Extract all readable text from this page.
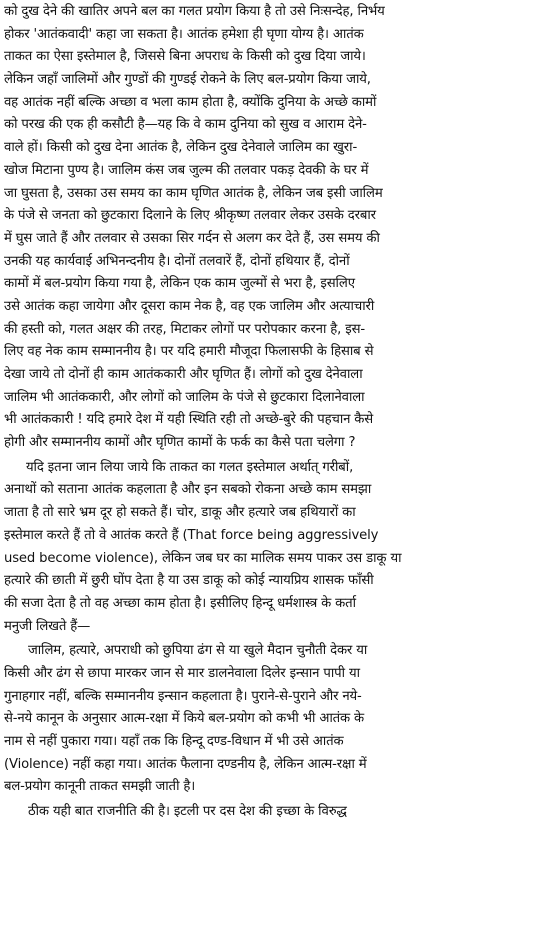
को दुख देने की खातिर अपने बल का गलत प्रयोग किया है तो उसे निःसन्देह, निर्भय
होकर 'आतंकवादी' कहा जा सकता है। आतंक हमेशा ही घृणा योग्य है। आतंक
ताकत का ऐसा इस्तेमाल है, जिससे बिना अपराध के किसी को दुख दिया जाये।
लेकिन जहाँ जालिमों और गुण्डों की गुण्डई रोकने के लिए बल-प्रयोग किया जाये,
वह आतंक नहीं बल्कि अच्छा व भला काम होता है, क्योंकि दुनिया के अच्छे कामों
को परख की एक ही कसौटी है—यह कि वे काम दुनिया को सुख व आराम देने-
वाले हों। किसी को दुख देना आतंक है, लेकिन दुख देनेवाले जालिम का खुरा-
खोज मिटाना पुण्य है। जालिम कंस जब जुल्म की तलवार पकड़ देवकी के घर में
जा घुसता है, उसका उस समय का काम घृणित आतंक है, लेकिन जब इसी जालिम
के पंजे से जनता को छुटकारा दिलाने के लिए श्रीकृष्ण तलवार लेकर उसके दरबार
में घुस जाते हैं और तलवार से उसका सिर गर्दन से अलग कर देते हैं, उस समय की
उनकी यह कार्यवाई अभिनन्दनीय है। दोनों तलवारें हैं, दोनों हथियार हैं, दोनों
कामों में बल-प्रयोग किया गया है, लेकिन एक काम जुल्मों से भरा है, इसलिए
उसे आतंक कहा जायेगा और दूसरा काम नेक है, वह एक जालिम और अत्याचारी
की हस्ती को, गलत अक्षर की तरह, मिटाकर लोगों पर परोपकार करना है, इस-
लिए वह नेक काम सम्माननीय है। पर यदि हमारी मौजूदा फिलासफी के हिसाब से
देखा जाये तो दोनों ही काम आतंककारी और घृणित हैं। लोगों को दुख देनेवाला
जालिम भी आतंककारी, और लोगों को जालिम के पंजे से छुटकारा दिलानेवाला
भी आतंककारी ! यदि हमारे देश में यही स्थिति रही तो अच्छे-बुरे की पहचान कैसे
होगी और सम्माननीय कामों और घृणित कामों के फर्क का कैसे पता चलेगा ?
यदि इतना जान लिया जाये कि ताकत का गलत इस्तेमाल अर्थात् गरीबों,
अनाथों को सताना आतंक कहलाता है और इन सबको रोकना अच्छे काम समझा
जाता है तो सारे भ्रम दूर हो सकते हैं। चोर, डाकू और हत्यारे जब हथियारों का
इस्तेमाल करते हैं तो वे आतंक करते हैं (That force being aggressively
used become violence), लेकिन जब घर का मालिक समय पाकर उस डाकू या
हत्यारे की छाती में छुरी घोंप देता है या उस डाकू को कोई न्यायप्रिय शासक फाँसी
की सजा देता है तो वह अच्छा काम होता है। इसीलिए हिन्दू धर्मशास्त्र के कर्ता
मनुजी लिखते हैं—
जालिम, हत्यारे, अपराधी को छुपिया ढंग से या खुले मैदान चुनौती देकर या
किसी और ढंग से छापा मारकर जान से मार डालनेवाला दिलेर इन्सान पापी या
गुनाहगार नहीं, बल्कि सम्माननीय इन्सान कहलाता है। पुराने-से-पुराने और नये-
से-नये कानून के अनुसार आत्म-रक्षा में किये बल-प्रयोग को कभी भी आतंक के
नाम से नहीं पुकारा गया। यहाँ तक कि हिन्दू दण्ड-विधान में भी उसे आतंक
(Violence) नहीं कहा गया। आतंक फैलाना दण्डनीय है, लेकिन आत्म-रक्षा में
बल-प्रयोग कानूनी ताकत समझी जाती है।
ठीक यही बात राजनीति की है। इटली पर दस देश की इच्छा के विरुद्ध
